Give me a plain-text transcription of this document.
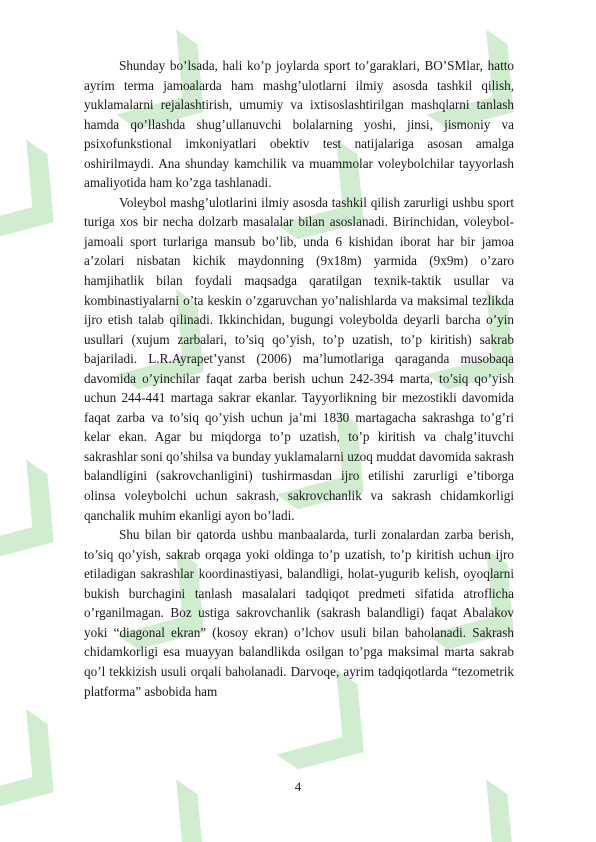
Shunday bo’lsada, hali ko’p joylarda sport to’garaklari, BO’SMlar, hatto ayrim terma jamoalarda ham mashg’ulotlarni ilmiy asosda tashkil qilish, yuklamalarni rejalashtirish, umumiy va ixtisoslashtirilgan mashqlarni tanlash hamda qo’llashda shug’ullanuvchi bolalarning yoshi, jinsi, jismoniy va psixofunkstional imkoniyatlari obektiv test natijalariga asosan amalga oshirilmaydi. Ana shunday kamchilik va muammolar voleybolchilar tayyorlash amaliyotida ham ko’zga tashlanadi.

Voleybol mashg’ulotlarini ilmiy asosda tashkil qilish zarurligi ushbu sport turiga xos bir necha dolzarb masalalar bilan asoslanadi. Birinchidan, voleybol-jamoali sport turlariga mansub bo’lib, unda 6 kishidan iborat har bir jamoa a’zolari nisbatan kichik maydonning (9x18m) yarmida (9x9m) o’zaro hamjihatlik bilan foydali maqsadga qaratilgan texnik-taktik usullar va kombinastiyalarni o’ta keskin o’zgaruvchan yo’nalishlarda va maksimal tezlikda ijro etish talab qilinadi. Ikkinchidan, bugungi voleybolda deyarli barcha o’yin usullari (xujum zarbalari, to’siq qo’yish, to’p uzatish, to’p kiritish) sakrab bajariladi. L.R.Ayrapet’yanst (2006) ma’lumotlariga qaraganda musobaqa davomida o’yinchilar faqat zarba berish uchun 242-394 marta, to’siq qo’yish uchun 244-441 martaga sakrar ekanlar. Tayyorlikning bir mezostikli davomida faqat zarba va to’siq qo’yish uchun ja’mi 1830 martagacha sakrashga to’g’ri kelar ekan. Agar bu miqdorga to’p uzatish, to’p kiritish va chalg’ituvchi sakrashlar soni qo’shilsa va bunday yuklamalarni uzoq muddat davomida sakrash balandligini (sakrovchanligini) tushirmasdan ijro etilishi zarurligi e’tiborga olinsa voleybolchi uchun sakrash, sakrovchanlik va sakrash chidamkorligi qanchalik muhim ekanligi ayon bo’ladi.

Shu bilan bir qatorda ushbu manbaalarda, turli zonalardan zarba berish, to’siq qo’yish, sakrab orqaga yoki oldinga to’p uzatish, to’p kiritish uchun ijro etiladigan sakrashlar koordinastiyasi, balandligi, holat-yugurib kelish, oyoqlarni bukish burchagini tanlash masalalari tadqiqot predmeti sifatida atroflicha o’rganilmagan. Boz ustiga sakrovchanlik (sakrash balandligi) faqat Abalakov yoki “diagonal ekran” (kosoy ekran) o’lchov usuli bilan baholanadi. Sakrash chidamkorligi esa muayyan balandlikda osilgan to’pga maksimal marta sakrab qo’l tekkizish usuli orqali baholanadi. Darvoqe, ayrim tadqiqotlarda “tezometrik platforma” asbobida ham

4
